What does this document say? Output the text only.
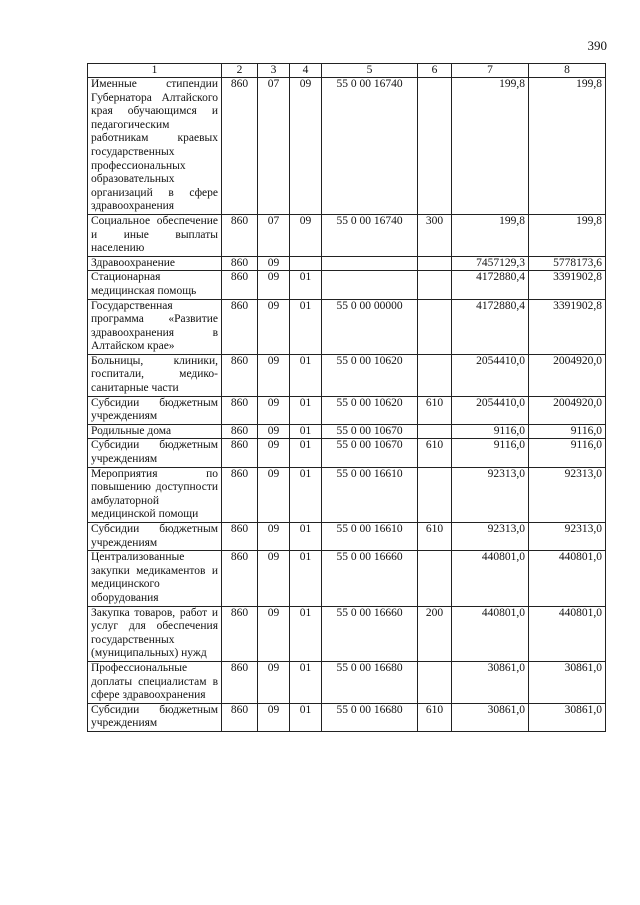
390
1	2	3	4	5	6	7	8
Именные стипендии Губернатора Алтайского края обучающимся и педагогическим работникам краевых государственных профессиональных образовательных организаций в сфере здравоохранения	860	07	09	55 0 00 16740		199,8	199,8
Социальное обеспечение и иные выплаты населению	860	07	09	55 0 00 16740	300	199,8	199,8
Здравоохранение	860	09				7457129,3	5778173,6
Стационарная медицинская помощь	860	09	01			4172880,4	3391902,8
Государственная программа «Развитие здравоохранения в Алтайском крае»	860	09	01	55 0 00 00000		4172880,4	3391902,8
Больницы, клиники, госпитали, медико-санитарные части	860	09	01	55 0 00 10620		2054410,0	2004920,0
Субсидии бюджетным учреждениям	860	09	01	55 0 00 10620	610	2054410,0	2004920,0
Родильные дома	860	09	01	55 0 00 10670		9116,0	9116,0
Субсидии бюджетным учреждениям	860	09	01	55 0 00 10670	610	9116,0	9116,0
Мероприятия по повышению доступности амбулаторной медицинской помощи	860	09	01	55 0 00 16610		92313,0	92313,0
Субсидии бюджетным учреждениям	860	09	01	55 0 00 16610	610	92313,0	92313,0
Централизованные закупки медикаментов и медицинского оборудования	860	09	01	55 0 00 16660		440801,0	440801,0
Закупка товаров, работ и услуг для обеспечения государственных (муниципальных) нужд	860	09	01	55 0 00 16660	200	440801,0	440801,0
Профессиональные доплаты специалистам в сфере здравоохранения	860	09	01	55 0 00 16680		30861,0	30861,0
Субсидии бюджетным учреждениям	860	09	01	55 0 00 16680	610	30861,0	30861,0
